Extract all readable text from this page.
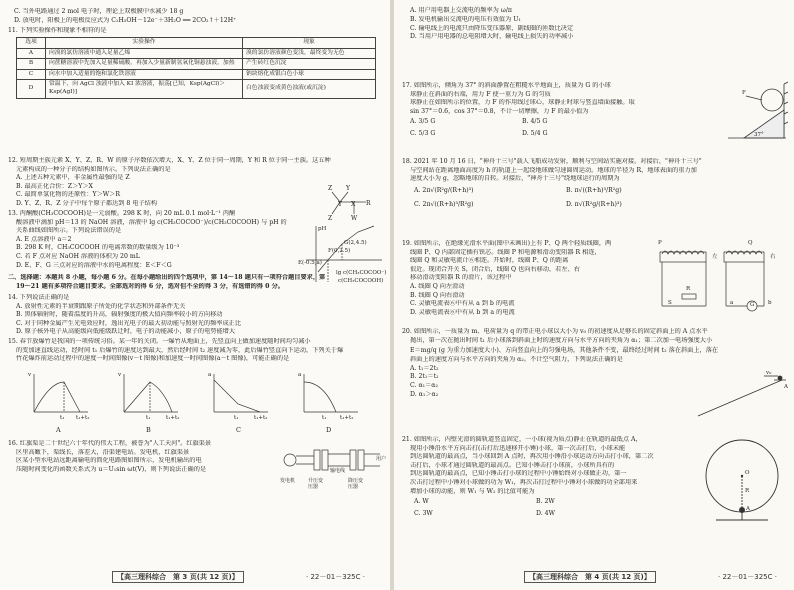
C. 当外电路通过 2 mol 电子时，理论上双极膜中水减少 18 g
D. 放电时，阳极上的电极反应式为 C₂H₅OH－12e⁻＋3H₂O ══ 2CO₂↑＋12H⁺
11. 下列实验操作和现象不相符的是
选项	实验操作	现象
A	向溴的氯仿溶液中通入足量乙烯	溴的氯仿溶液颜色变浅，最终变为无色
B	向蔗糖溶液中先加入足量稀硫酸，再加入少量新制氢氧化铜悬浊液，加热	产生砖红色沉淀
C	向水中加入适量的饱和氯化铁溶液	钠块熔化成银白色小球
D	常温下，向 AgCl 浊液中加入 KI 浓溶液，振荡[已知，Ksp(AgCl)＞Ksp(AgI)]	白色浊液变成黄色浊液(或沉淀)
12. 短周期主族元素 X、Y、Z、R、W 的原子序数依次增大，X、Y、Z 位于同一周期，Y 和 R 位于同一主族。这五种
元素构成的一种分子的结构如图所示。下列说法正确的是
A. 上述五种元素中，非金属性最强的是 Z
B. 最高正化合价：Z＞Y＞X
C. 最简单氢化物的还原性：Y＞W＞R
D. Y、Z、R、Z 分子中每个原子都达到 8 电子结构
Z Y
Y X R
Z	W
13. 丙酮酸(CH₃COCOOH)是一元弱酸。298 K 时，向 20 mL 0.1 mol·L⁻¹ 丙酮
酸溶液中滴加 pH＝13 的 NaOH 溶液，溶液中 lg c(CH₃COCOO⁻)/c(CH₃COCOOH) 与 pH 的
关系曲线如图所示。下列说法错误的是
A. E 点溶液中 a＝2
B. 298 K 时，CH₃COCOOH 的电离常数的数量级为 10⁻³
C. 若 F 点对应 NaOH 溶液的体积为 20 mL
D. E、F、G 三点对应的溶液中水的电离程度：E＜F＜G
pH
E(-0.5,a)
G(2,4.5)
F(0,2.5)
lg c(CH₃COCOO⁻)
c(CH₃COCOOH)
二、选择题：本题共 8 小题，每小题 6 分。在每小题给出的四个选项中，第 14～18 题只有一项符合题目要求，第
19～21 题有多项符合题目要求。全部选对的得 6 分，选对但不全的得 3 分，有选错的得 0 分。
14. 下列说法正确的是
A. 放射性元素的半衰期跟原子所处的化学状态和外部条件无关
B. 黑体辐射时，随着温度的升高，辐射强度的极大值向频率较小的方向移动
C. 对于同种金属产生光电效应时，逸出光电子的最大初动能与照射光的频率成正比
D. 原子核外电子从高能级向低能级跃迁时，电子的动能减小，原子的电势能增大
15. 春节放爆竹是我国的一项传统习俗。某一年的关闭。一爆竹从地面上，先竖直向上做加速度随时间均匀减小
的变加速直线运动，经时间 t₁ 后爆竹的速度达到最大，然后经时间 t₂ 速度减为零，此后爆竹竖直向下运动，下列关于爆
竹花爆炸前运动过程中的速度一时间图像(v－t 图像)和加速度一时间图像(a－t 图像)，可能正确的是
v	v	a	a
t₁ t₁+t₂	t₁	t₁+t₂	t₁	t₁+t₂	t₁ t₁+t₂
A	B	C	D
16. 红旗渠是二十世纪六十年代的伟大工程，被誉为"人工天河"。红旗渠景
区里高瞰下，渠线长，落差大，沿渠建电站。发电机，红旗渠景
区某小型水电站远距离输电的简化电路图如图所示，发电机输出的电
压随时间变化的函数关系式为 u＝U₁sin ωt(V)，则下列说法正确的是
发电机	升压变压器
输电线
降压变压器
用户
【高三理科综合　第 3 页(共 12 页)】	· 22－01－325C ·
A. 用户用电器上交流电的频率为 ω/π
B. 发电机输出交流电的电压有效值为 U₁
C. 输电线上的电流只由降压变压器原、副线圈的匝数比决定
D. 当用户用电器的总电阻增大时，输电线上损失的功率减小
17. 如图所示，倾角为 37° 的斜面静置在粗糙水平地面上，质量为 G 的小球
球静止在斜面的右端，用力 F 使一重力为 G 的匀质
球静止在如图所示的位置，力 F 的作用线过球心，球静止时球与竖直墙面接触。取
sin 37°＝0.6，cos 37°＝0.8，不计一切摩擦，力 F 的最小值为
A. 3/5 G	B. 4/5 G
C. 5/3 G	D. 5/4 G
F
37°
18. 2021 年 10 月 16 日，"神舟十三号"载人飞船成功发射，顺利与空间站实施对接。对接后，"神舟十三号"
与空间站在距离地面高度为 h 的轨道上一起绕地球做匀速圆周运动。地球的半径为 R，地球表面的重力加
速度大小为 g，忽略地球的自转。对接后，"神舟十三号"绕地球运行的周期为
A. 2π√(R²g/(R+h)³)	B. π√((R+h)³/R²g)
C. 2π√((R+h)³/R²g)	D. π√(R²g/(R+h)³)
19. 如图所示，在绝缘光滑水平面(图中未画出)上有 P、Q 两个轻质线圈，两
线圈 P、Q 内部固定插有铁芯。线圈 P 和电源和滑动变阻器 R 相连，
线圈 Q 和灵敏电流计⑥相连。开始时，线圈 P、Q 的距离
很近。现闭合开关 S，闭合后，线圈 Q 也向右移动，若左、右
移动滑动变阻器 R 的滑片，该过程中
A. 线圈 Q 向左滑动
B. 线圈 Q 向右滑动
C. 灵敏电流表⑥中有从 a 到 b 的电流
D. 灵敏电流表⑥中有从 b 到 a 的电流
P	Q
左	右
S
R
a	b
G
20. 如图所示，一质量为 m、电荷量为 q 的带正电小球以大小为 v₀ 的初速度从足够长的固定斜面上的 A 点水平
抛出，第一次在抛出时间 t₁ 后小球落到斜面上时的速度方向与水平方向的夹角为 α₁；第二次加一电场强度大小
E＝mg/q (g 为重力加速度大小)、方向竖直向上的匀强电场，其他条件不变，最终经过时间 t₂ 落在斜面上，落在
斜面上的速度方向与水平方向的夹角为 α₂。不计空气阻力，下列说法正确的是
A. t₁＝2t₂
B. 2t₁＝t₂
C. α₁＝α₂
D. α₁＞α₂
v₀
A
21. 如图所示，内壁光滑的圆轨道竖直固定，一小球(视为质点)静止在轨道的最低点 A，
现用小锤沿水平方向击打(击打后迅速移开小锤)小球，第一次击打后，小球未能
到达圆轨道的最高点，当小球回到 A 点时，再次用小锤沿小球运动方向击打小球，第二次
击打后，小球才通过圆轨道的最高点。已知小锤击打小球前，小球所具有的
到达圆轨道的最高点，已知小锤击打小球的过程中小锤始终对小球做正功，第一
次击打过程中小锤对小球做的功为 W₁，再次击打过程中小锤对小球做的功全部用来
增加小球的动能，则 W₁ 与 W₂ 的比值可能为
A. W	B. 2W
C. 3W	D. 4W
O
R
A
【高三理科综合　第 4 页(共 12 页)】	· 22－01－325C ·
